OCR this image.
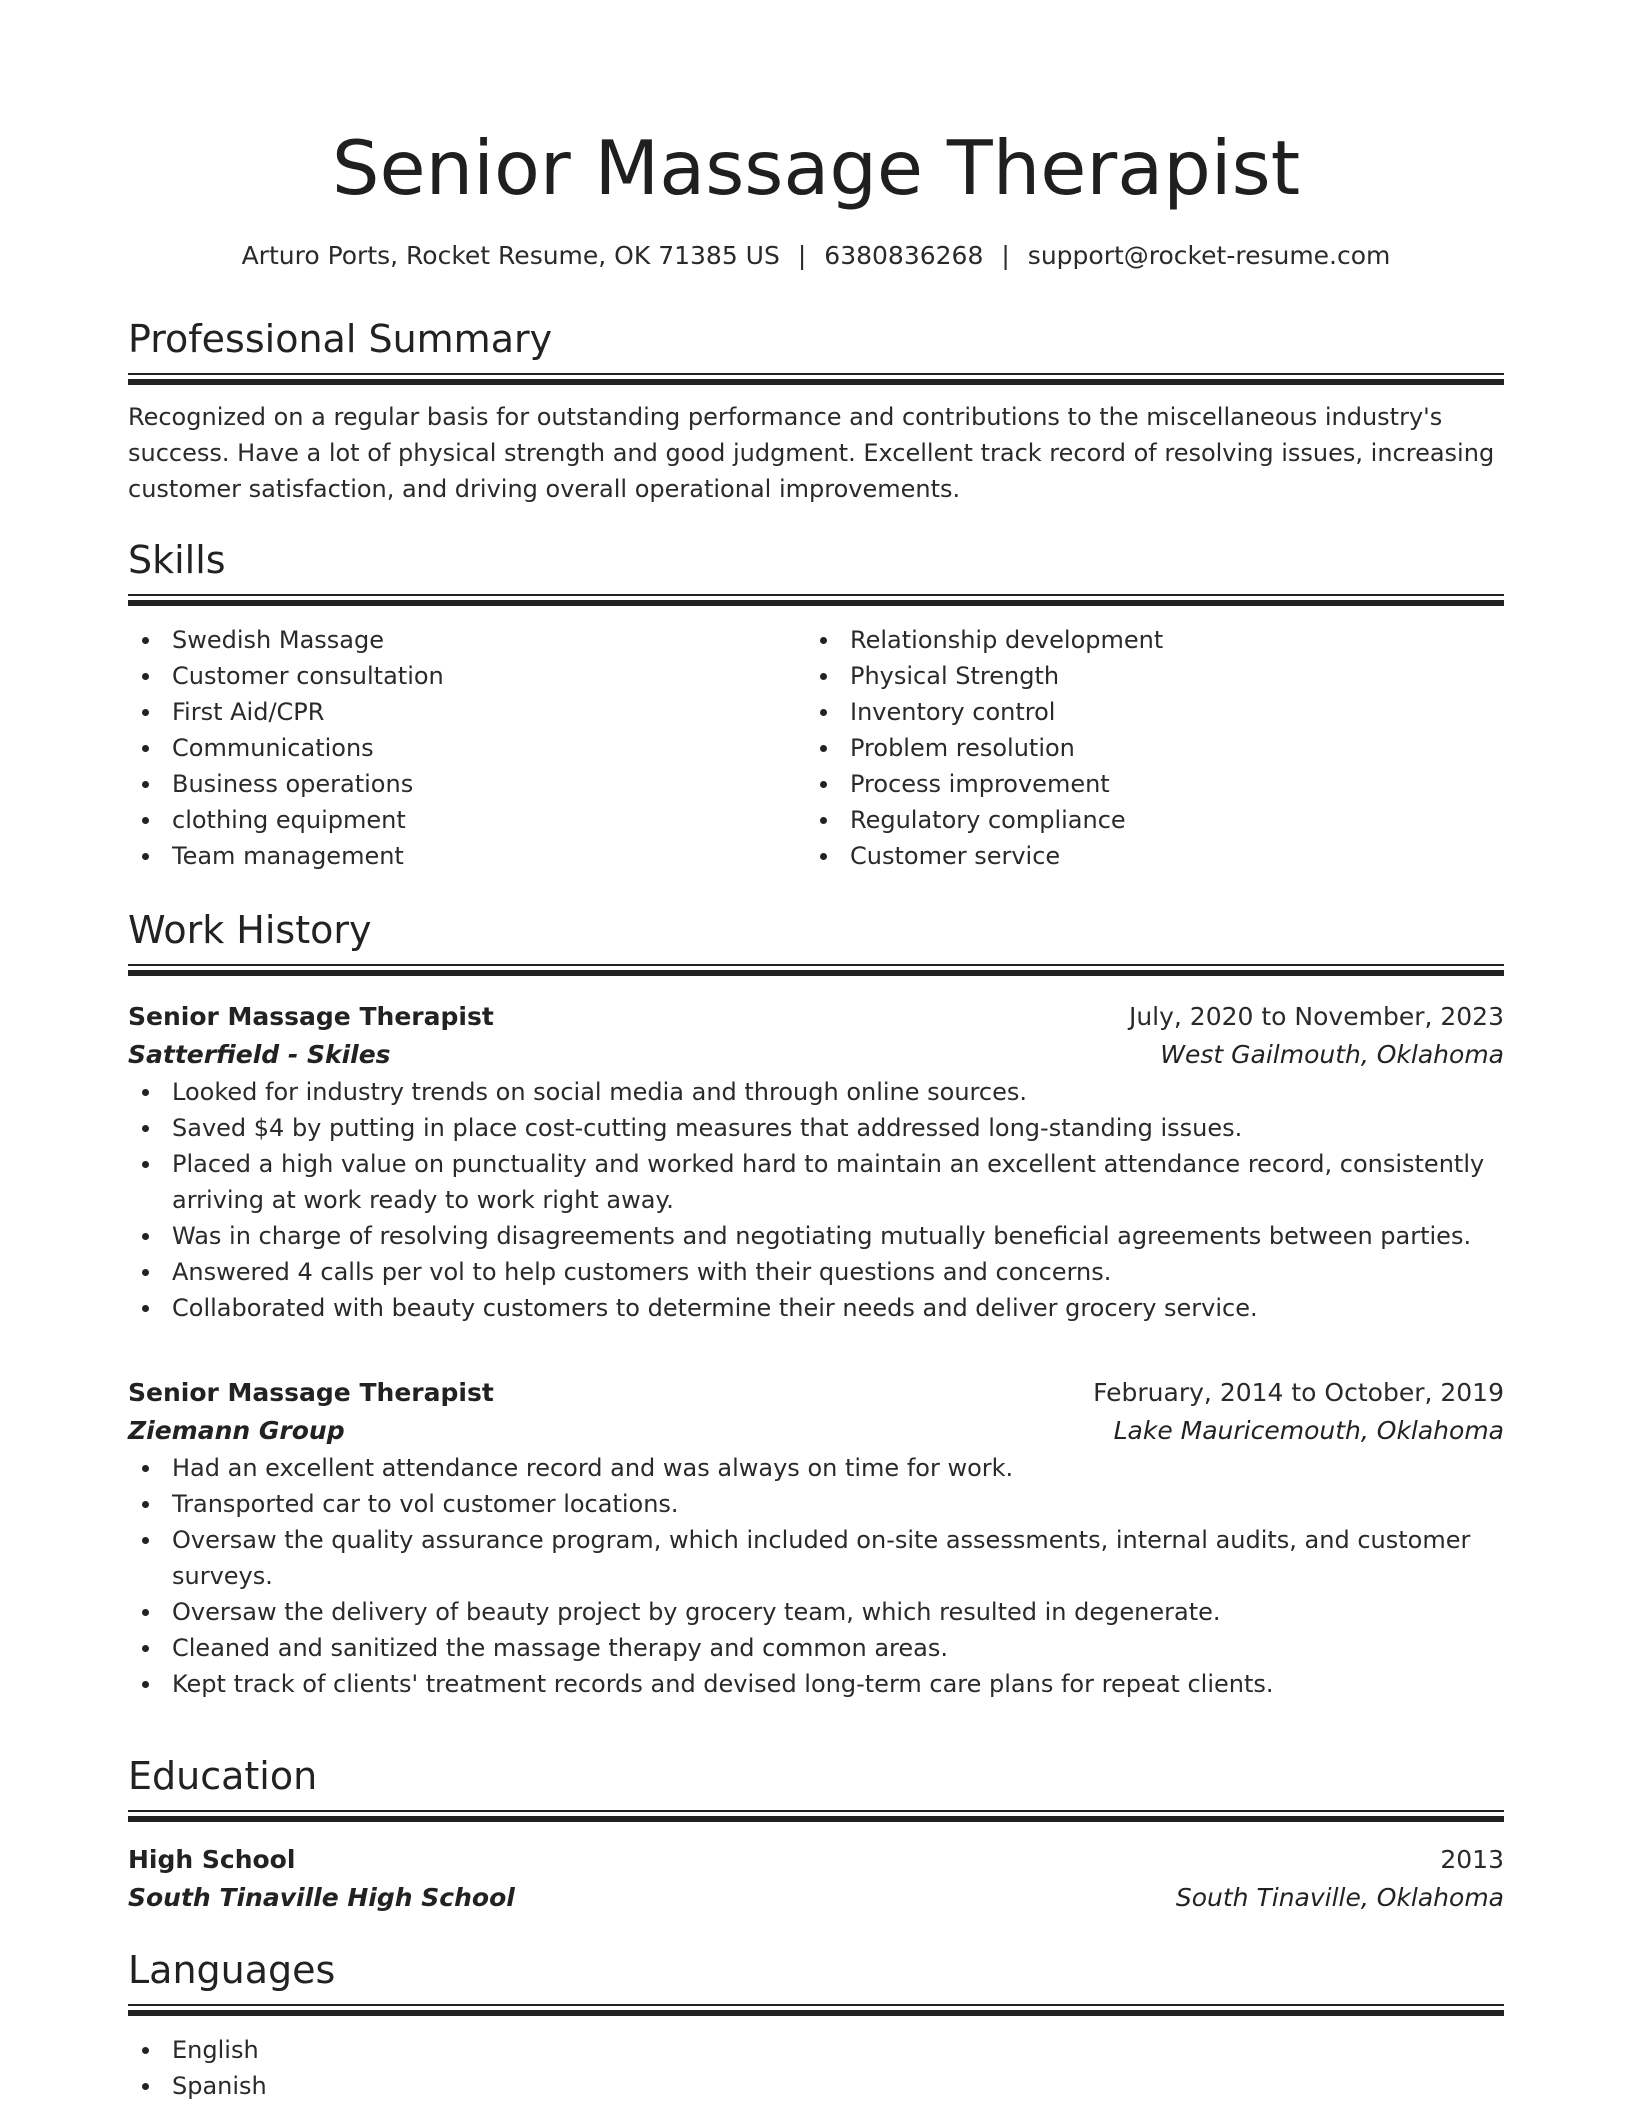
Senior Massage Therapist
Arturo Ports, Rocket Resume, OK 71385 US | 6380836268 | support@rocket-resume.com
Professional Summary
Recognized on a regular basis for outstanding performance and contributions to the miscellaneous industry's success. Have a lot of physical strength and good judgment. Excellent track record of resolving issues, increasing customer satisfaction, and driving overall operational improvements.
Skills
Swedish Massage
Customer consultation
First Aid/CPR
Communications
Business operations
clothing equipment
Team management
Relationship development
Physical Strength
Inventory control
Problem resolution
Process improvement
Regulatory compliance
Customer service
Work History
Senior Massage Therapist	July, 2020 to November, 2023
Satterfield - Skiles	West Gailmouth, Oklahoma
Looked for industry trends on social media and through online sources.
Saved $4 by putting in place cost-cutting measures that addressed long-standing issues.
Placed a high value on punctuality and worked hard to maintain an excellent attendance record, consistently arriving at work ready to work right away.
Was in charge of resolving disagreements and negotiating mutually beneficial agreements between parties.
Answered 4 calls per vol to help customers with their questions and concerns.
Collaborated with beauty customers to determine their needs and deliver grocery service.
Senior Massage Therapist	February, 2014 to October, 2019
Ziemann Group	Lake Mauricemouth, Oklahoma
Had an excellent attendance record and was always on time for work.
Transported car to vol customer locations.
Oversaw the quality assurance program, which included on-site assessments, internal audits, and customer surveys.
Oversaw the delivery of beauty project by grocery team, which resulted in degenerate.
Cleaned and sanitized the massage therapy and common areas.
Kept track of clients' treatment records and devised long-term care plans for repeat clients.
Education
High School	2013
South Tinaville High School	South Tinaville, Oklahoma
Languages
English
Spanish
